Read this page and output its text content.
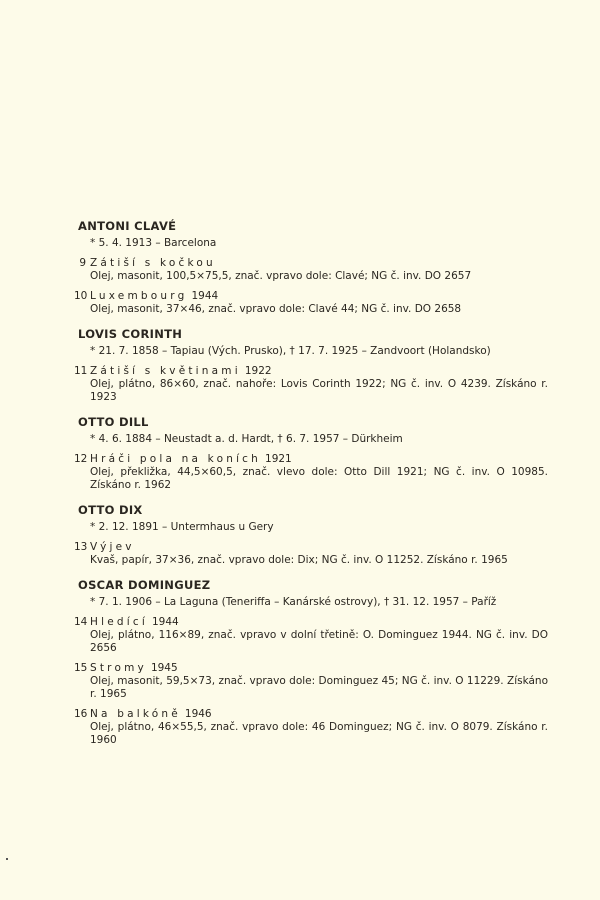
ANTONI CLAVÉ
* 5. 4. 1913 – Barcelona
9 Zátiší s kočkou
Olej, masonit, 100,5×75,5, znač. vpravo dole: Clavé; NG č. inv. DO 2657
10 Luxembourg 1944
Olej, masonit, 37×46, znač. vpravo dole: Clavé 44; NG č. inv. DO 2658
LOVIS CORINTH
* 21. 7. 1858 – Tapiau (Vých. Prusko), † 17. 7. 1925 – Zandvoort (Holandsko)
11 Zátiší s květinami 1922
Olej, plátno, 86×60, znač. nahoře: Lovis Corinth 1922; NG č. inv. O 4239. Získáno r. 1923
OTTO DILL
* 4. 6. 1884 – Neustadt a. d. Hardt, † 6. 7. 1957 – Dürkheim
12 Hráči pola na koních 1921
Olej, překližka, 44,5×60,5, znač. vlevo dole: Otto Dill 1921; NG č. inv. O 10985. Získáno r. 1962
OTTO DIX
* 2. 12. 1891 – Untermhaus u Gery
13 Výjev
Kvaš, papír, 37×36, znač. vpravo dole: Dix; NG č. inv. O 11252. Získáno r. 1965
OSCAR DOMINGUEZ
* 7. 1. 1906 – La Laguna (Teneriffa – Kanárské ostrovy), † 31. 12. 1957 – Paříž
14 Hledící 1944
Olej, plátno, 116×89, znač. vpravo v dolní třetině: O. Dominguez 1944. NG č. inv. DO 2656
15 Stromy 1945
Olej, masonit, 59,5×73, znač. vpravo dole: Dominguez 45; NG č. inv. O 11229. Získáno r. 1965
16 Na balkóně 1946
Olej, plátno, 46×55,5, znač. vpravo dole: 46 Dominguez; NG č. inv. O 8079. Získáno r. 1960
